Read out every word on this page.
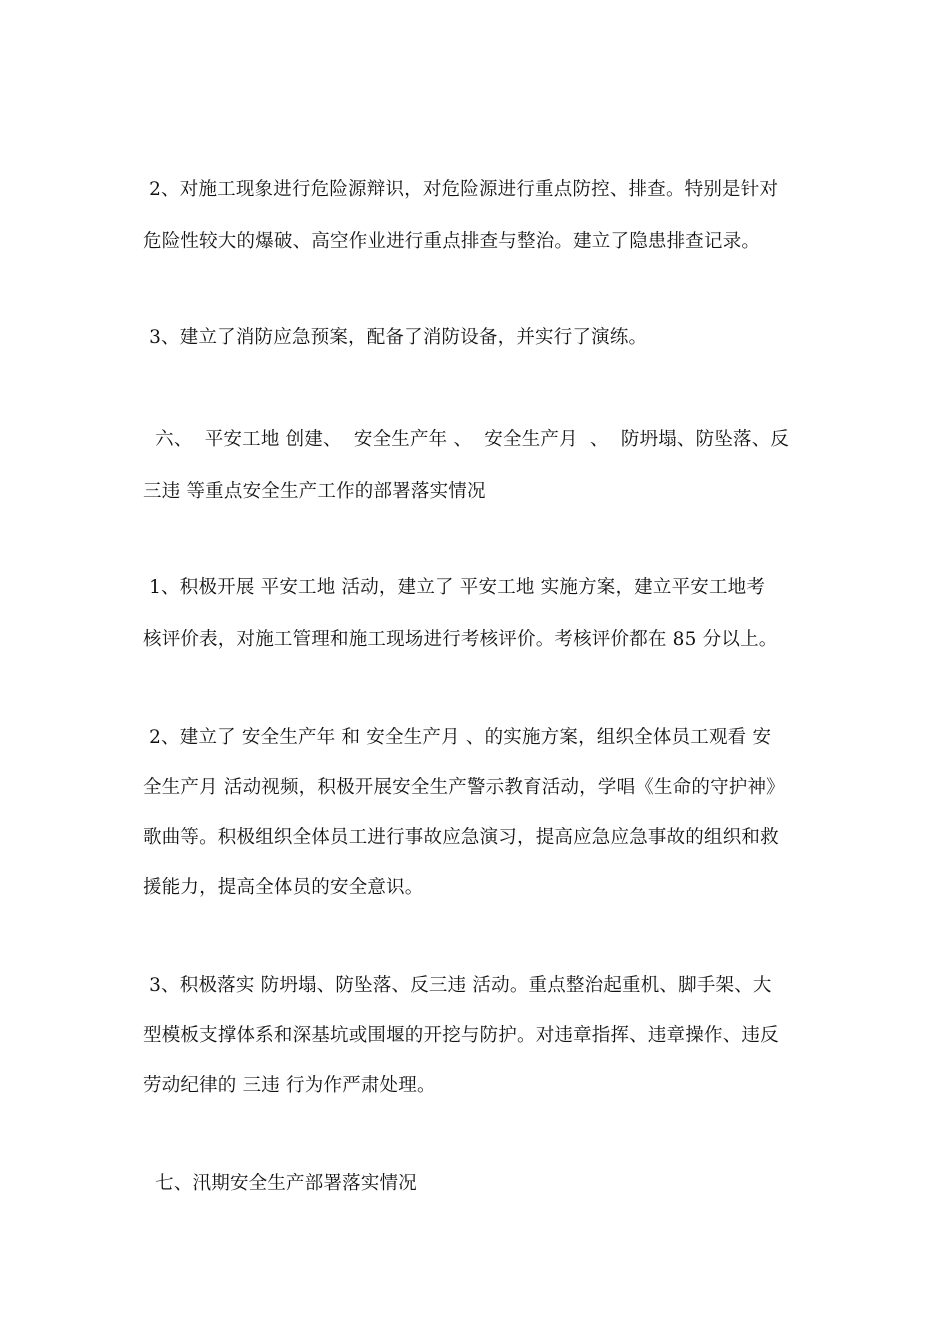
2、对施工现象进行危险源辩识，对危险源进行重点防控、排查。特别是针对
危险性较大的爆破、高空作业进行重点排查与整治。建立了隐患排查记录。
3、建立了消防应急预案，配备了消防设备，并实行了演练。
六、  平安工地 创建、  安全生产年 、  安全生产月  、  防坍塌、防坠落、反
三违 等重点安全生产工作的部署落实情况
1、积极开展 平安工地 活动，建立了 平安工地 实施方案，建立平安工地考
核评价表，对施工管理和施工现场进行考核评价。考核评价都在 85 分以上。
2、建立了 安全生产年 和 安全生产月 、的实施方案，组织全体员工观看 安
全生产月 活动视频，积极开展安全生产警示教育活动，学唱《生命的守护神》
歌曲等。积极组织全体员工进行事故应急演习，提高应急应急事故的组织和救
援能力，提高全体员的安全意识。
3、积极落实 防坍塌、防坠落、反三违 活动。重点整治起重机、脚手架、大
型模板支撑体系和深基坑或围堰的开挖与防护。对违章指挥、违章操作、违反
劳动纪律的 三违 行为作严肃处理。
七、汛期安全生产部署落实情况
